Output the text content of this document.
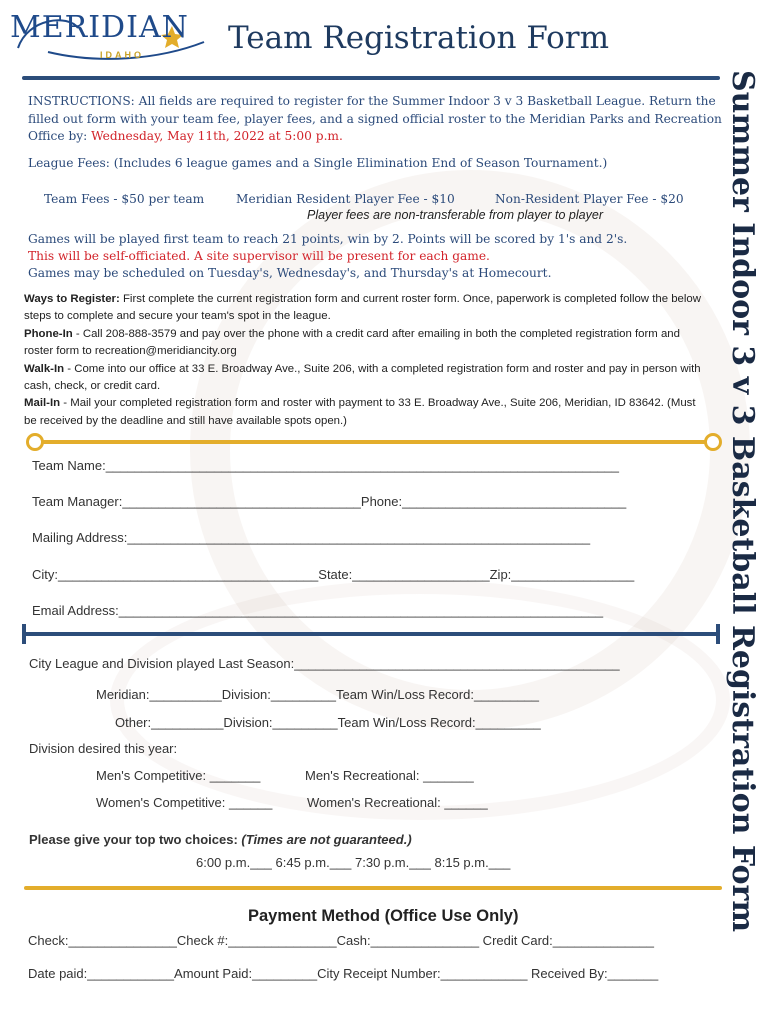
MERIDIAN
IDAHO	Team Registration Form
Summer Indoor 3 v 3 Basketball Registration Form
INSTRUCTIONS: All fields are required to register for the Summer Indoor 3 v 3 Basketball League. Return the filled out form with your team fee, player fees, and a signed official roster to the Meridian Parks and Recreation Office by: Wednesday, May 11th, 2022 at 5:00 p.m.
League Fees: (Includes 6 league games and a Single Elimination End of Season Tournament.)
Team Fees - $50 per team	Meridian Resident Player Fee - $10	Non-Resident Player Fee - $20
Player fees are non-transferable from player to player
Games will be played first team to reach 21 points, win by 2. Points will be scored by 1's and 2's.
This will be self-officiated. A site supervisor will be present for each game.
Games may be scheduled on Tuesday's, Wednesday's, and Thursday's at Homecourt.
Ways to Register: First complete the current registration form and current roster form. Once, paperwork is completed follow the below steps to complete and secure your team's spot in the league.
Phone-In - Call 208-888-3579 and pay over the phone with a credit card after emailing in both the completed registration form and roster form to recreation@meridiancity.org
Walk-In - Come into our office at 33 E. Broadway Ave., Suite 206, with a completed registration form and roster and pay in person with cash, check, or credit card.
Mail-In - Mail your completed registration form and roster with payment to 33 E. Broadway Ave., Suite 206, Meridian, ID 83642. (Must be received by the deadline and still have available spots open.)
Team Name:_______________________________________________________________________
Team Manager:_________________________________Phone:_______________________________
Mailing Address:________________________________________________________________
City:____________________________________State:___________________Zip:_________________
Email Address:___________________________________________________________________
City League and Division played Last Season:_____________________________________________
Meridian:__________Division:_________Team Win/Loss Record:_________
Other:__________Division:_________Team Win/Loss Record:_________
Division desired this year:
Men's Competitive: _______	Men's Recreational: _______
Women's Competitive: ______	Women's Recreational: ______
Please give your top two choices: (Times are not guaranteed.)
6:00 p.m.___ 6:45 p.m.___ 7:30 p.m.___ 8:15 p.m.___
Payment Method (Office Use Only)
Check:_______________Check #:_______________Cash:_______________ Credit Card:______________
Date paid:____________Amount Paid:_________City Receipt Number:____________ Received By:_______
